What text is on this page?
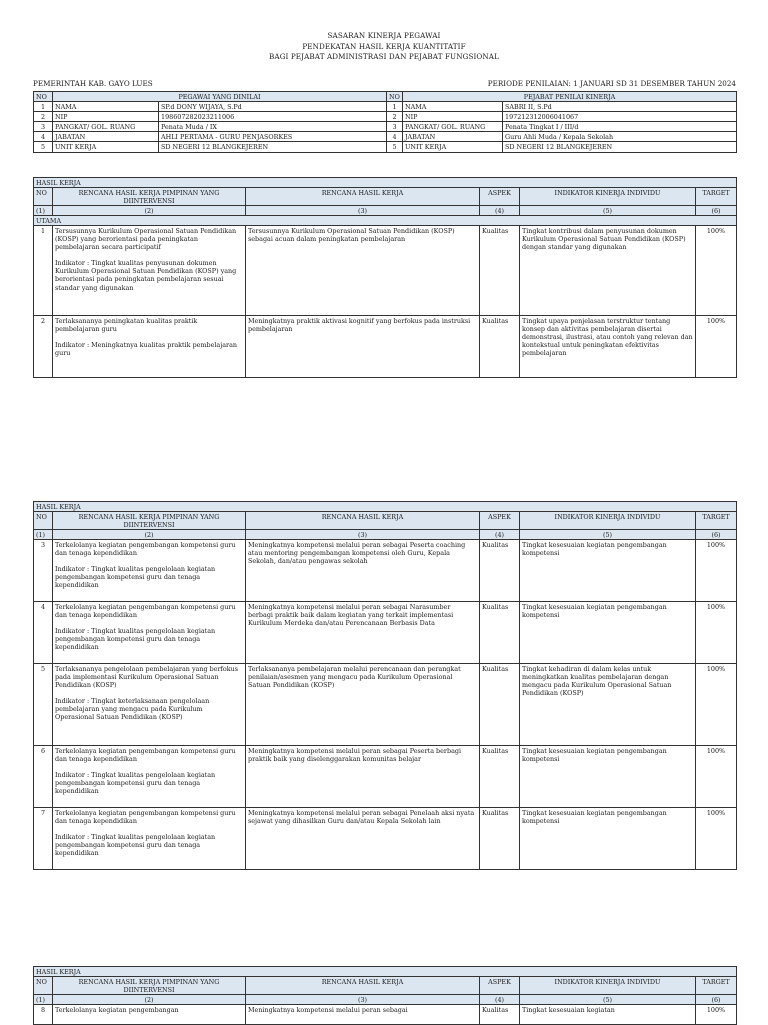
SASARAN KINERJA PEGAWAI
PENDEKATAN HASIL KERJA KUANTITATIF
BAGI PEJABAT ADMINISTRASI DAN PEJABAT FUNGSIONAL
PEMERINTAH KAB. GAYO LUES	PERIODE PENILAIAN: 1 JANUARI SD 31 DESEMBER TAHUN 2024
NO	PEGAWAI YANG DINILAI		NO	PEJABAT PENILAI KINERJA	
1	NAMA	SP.d DONY WIJAYA, S.Pd	1	NAMA	SABRI II, S.Pd
2	NIP	198607282023211006	2	NIP	197212312006041067
3	PANGKAT/ GOL. RUANG	Penata Muda / IX	3	PANGKAT/ GOL. RUANG	Penata Tingkat I / III/d
4	JABATAN	AHLI PERTAMA - GURU PENJASORKES	4	JABATAN	Guru Ahli Muda / Kepala Sekolah
5	UNIT KERJA	SD NEGERI 12 BLANGKEJEREN	5	UNIT KERJA	SD NEGERI 12 BLANGKEJEREN
HASIL KERJA					
NO	RENCANA HASIL KERJA PIMPINAN YANG DIINTERVENSI	RENCANA HASIL KERJA	ASPEK	INDIKATOR KINERJA INDIVIDU	TARGET
(1)	(2)	(3)	(4)	(5)	(6)
UTAMA					
1	Tersusunnya Kurikulum Operasional Satuan Pendidikan (KOSP) yang berorientasi pada peningkatan pembelajaran secara participatif
Indikator : Tingkat kualitas penyusunan dokumen Kurikulum Operasional Satuan Pendidikan (KOSP) yang berorientasi pada peningkatan pembelajaran sesuai standar yang digunakan	Tersusunnya Kurikulum Operasional Satuan Pendidikan (KOSP) sebagai acuan dalam peningkatan pembelajaran	Kualitas	Tingkat kontribusi dalam penyusunan dokumen Kurikulum Operasional Satuan Pendidikan (KOSP) dengan standar yang digunakan	100%
2	Terlaksananya peningkatan kualitas praktik pembelajaran guru
Indikator : Meningkatnya kualitas praktik pembelajaran guru	Meningkatnya praktik aktivasi kognitif yang berfokus pada instruksi pembelajaran	Kualitas	Tingkat upaya penjelasan terstruktur tentang konsep dan aktivitas pembelajaran disertai demonstrasi, ilustrasi, atau contoh yang relevan dan kontekstual untuk peningkatan efektivitas pembelajaran	100%
HASIL KERJA					
NO	RENCANA HASIL KERJA PIMPINAN YANG DIINTERVENSI	RENCANA HASIL KERJA	ASPEK	INDIKATOR KINERJA INDIVIDU	TARGET
(1)	(2)	(3)	(4)	(5)	(6)
3	Terkelolanya kegiatan pengembangan kompetensi guru dan tenaga kependidikan
Indikator : Tingkat kualitas pengelolaan kegiatan pengembangan kompetensi guru dan tenaga kependidikan	Meningkatnya kompetensi melalui peran sebagai Peserta coaching atau mentoring pengembangan kompetensi oleh Guru, Kepala Sekolah, dan/atau pengawas sekolah	Kualitas	Tingkat kesesuaian kegiatan pengembangan kompetensi	100%
4	Terkelolanya kegiatan pengembangan kompetensi guru dan tenaga kependidikan
Indikator : Tingkat kualitas pengelolaan kegiatan pengembangan kompetensi guru dan tenaga kependidikan	Meningkatnya kompetensi melalui peran sebagai Narasumber berbagi praktik baik dalam kegiatan yang terkait implementasi Kurikulum Merdeka dan/atau Perencanaan Berbasis Data	Kualitas	Tingkat kesesuaian kegiatan pengembangan kompetensi	100%
5	Terlaksananya pengelolaan pembelajaran yang berfokus pada implementasi Kurikulum Operasional Satuan Pendidikan (KOSP)
Indikator : Tingkat keterlaksanaan pengelolaan pembelajaran yang mengacu pada Kurikulum Operasional Satuan Pendidikan (KOSP)	Terlaksananya pembelajaran melalui perencanaan dan perangkat penilaian/asesmen yang mengacu pada Kurikulum Operasional Satuan Pendidikan (KOSP)	Kualitas	Tingkat kehadiran di dalam kelas untuk meningkatkan kualitas pembelajaran dengan mengacu pada Kurikulum Operasional Satuan Pendidikan (KOSP)	100%
6	Terkelolanya kegiatan pengembangan kompetensi guru dan tenaga kependidikan
Indikator : Tingkat kualitas pengelolaan kegiatan pengembangan kompetensi guru dan tenaga kependidikan	Meningkatnya kompetensi melalui peran sebagai Peserta berbagi praktik baik yang diselenggarakan komunitas belajar	Kualitas	Tingkat kesesuaian kegiatan pengembangan kompetensi	100%
7	Terkelolanya kegiatan pengembangan kompetensi guru dan tenaga kependidikan
Indikator : Tingkat kualitas pengelolaan kegiatan pengembangan kompetensi guru dan tenaga kependidikan	Meningkatnya kompetensi melalui peran sebagai Penelaah aksi nyata sejawat yang dihasilkan Guru dan/atau Kepala Sekolah lain	Kualitas	Tingkat kesesuaian kegiatan pengembangan kompetensi	100%
HASIL KERJA					
NO	RENCANA HASIL KERJA PIMPINAN YANG DIINTERVENSI	RENCANA HASIL KERJA	ASPEK	INDIKATOR KINERJA INDIVIDU	TARGET
(1)	(2)	(3)	(4)	(5)	(6)
8	Terkelolanya kegiatan pengembangan	Meningkatnya kompetensi melalui peran sebagai	Kualitas	Tingkat kesesuaian kegiatan	100%
